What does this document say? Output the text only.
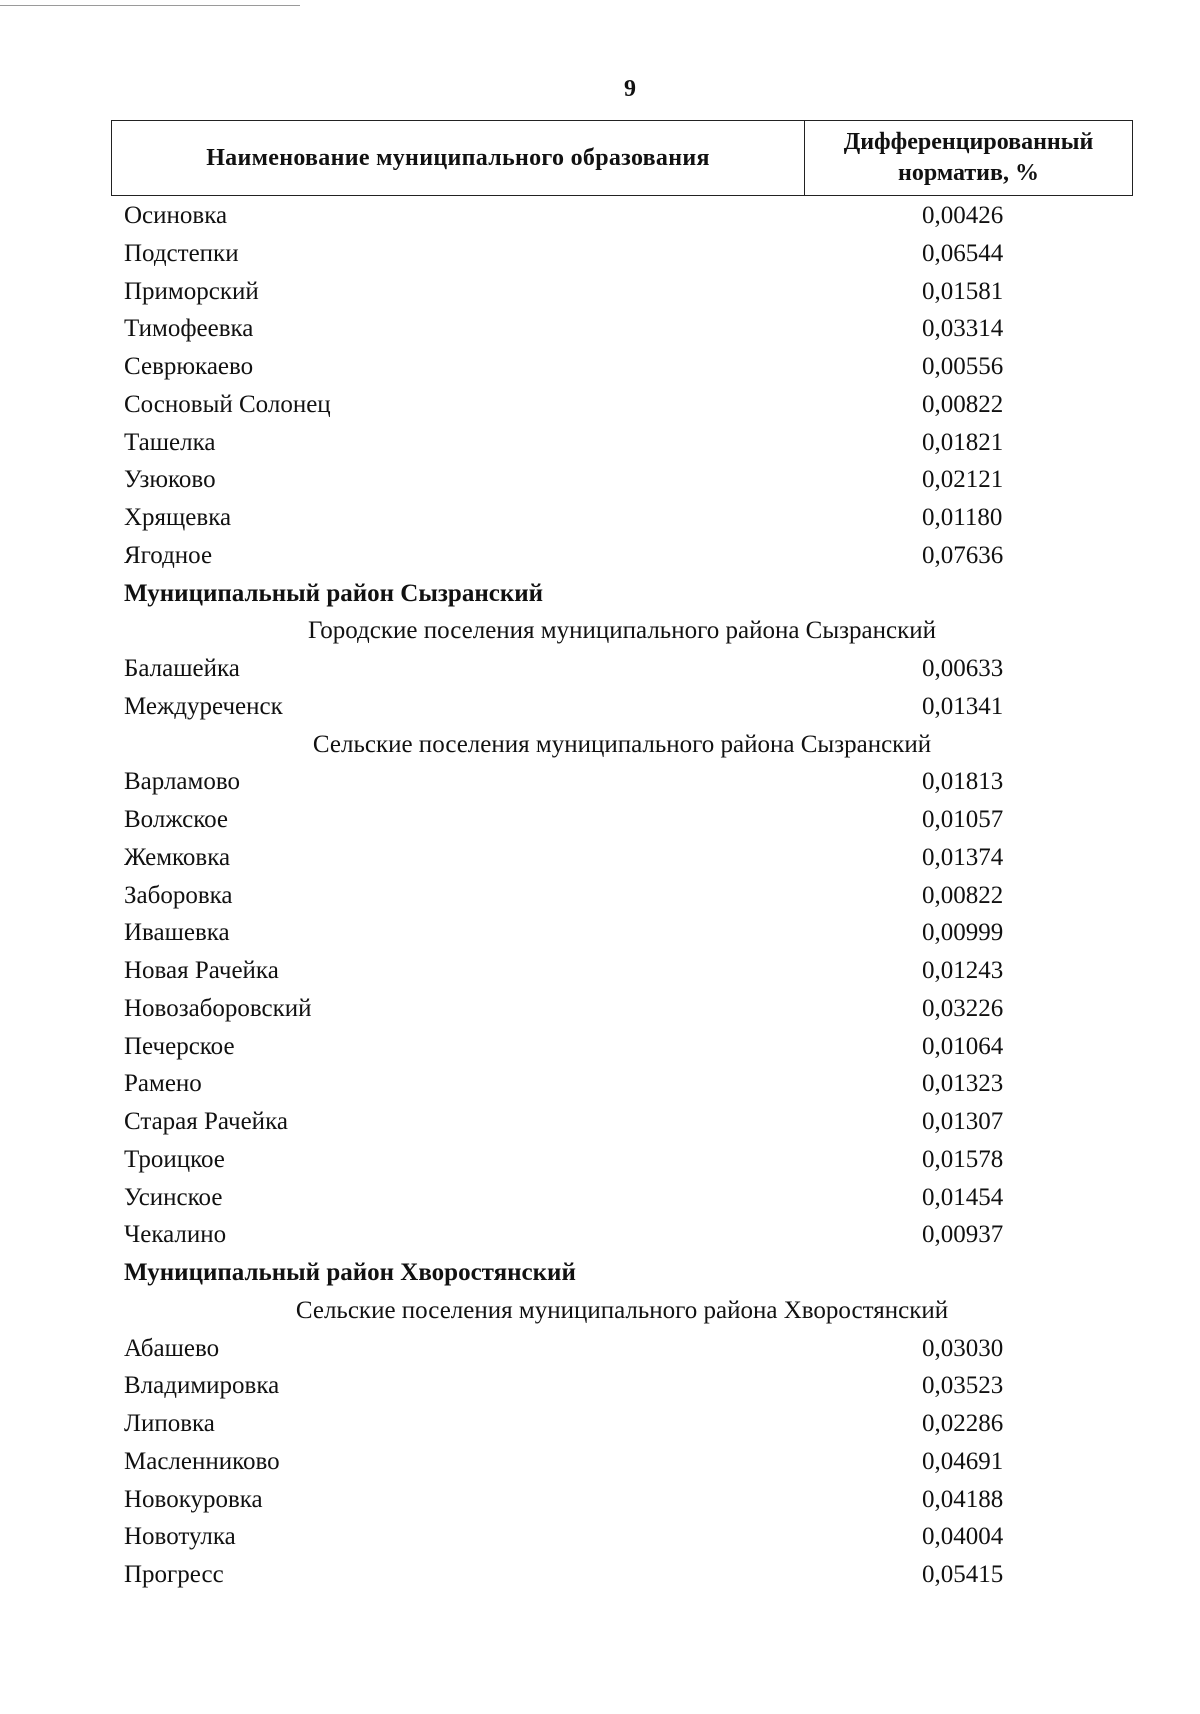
9
Наименование муниципального образования
Дифференцированный
норматив, %
Осиновка	0,00426
Подстепки	0,06544
Приморский	0,01581
Тимофеевка	0,03314
Севрюкаево	0,00556
Сосновый Солонец	0,00822
Ташелка	0,01821
Узюково	0,02121
Хрящевка	0,01180
Ягодное	0,07636
Муниципальный район Сызранский
Городские поселения муниципального района Сызранский
Балашейка	0,00633
Междуреченск	0,01341
Сельские поселения муниципального района Сызранский
Варламово	0,01813
Волжское	0,01057
Жемковка	0,01374
Заборовка	0,00822
Ивашевка	0,00999
Новая Рачейка	0,01243
Новозаборовский	0,03226
Печерское	0,01064
Рамено	0,01323
Старая Рачейка	0,01307
Троицкое	0,01578
Усинское	0,01454
Чекалино	0,00937
Муниципальный район Хворостянский
Сельские поселения муниципального района Хворостянский
Абашево	0,03030
Владимировка	0,03523
Липовка	0,02286
Масленниково	0,04691
Новокуровка	0,04188
Новотулка	0,04004
Прогресс	0,05415
